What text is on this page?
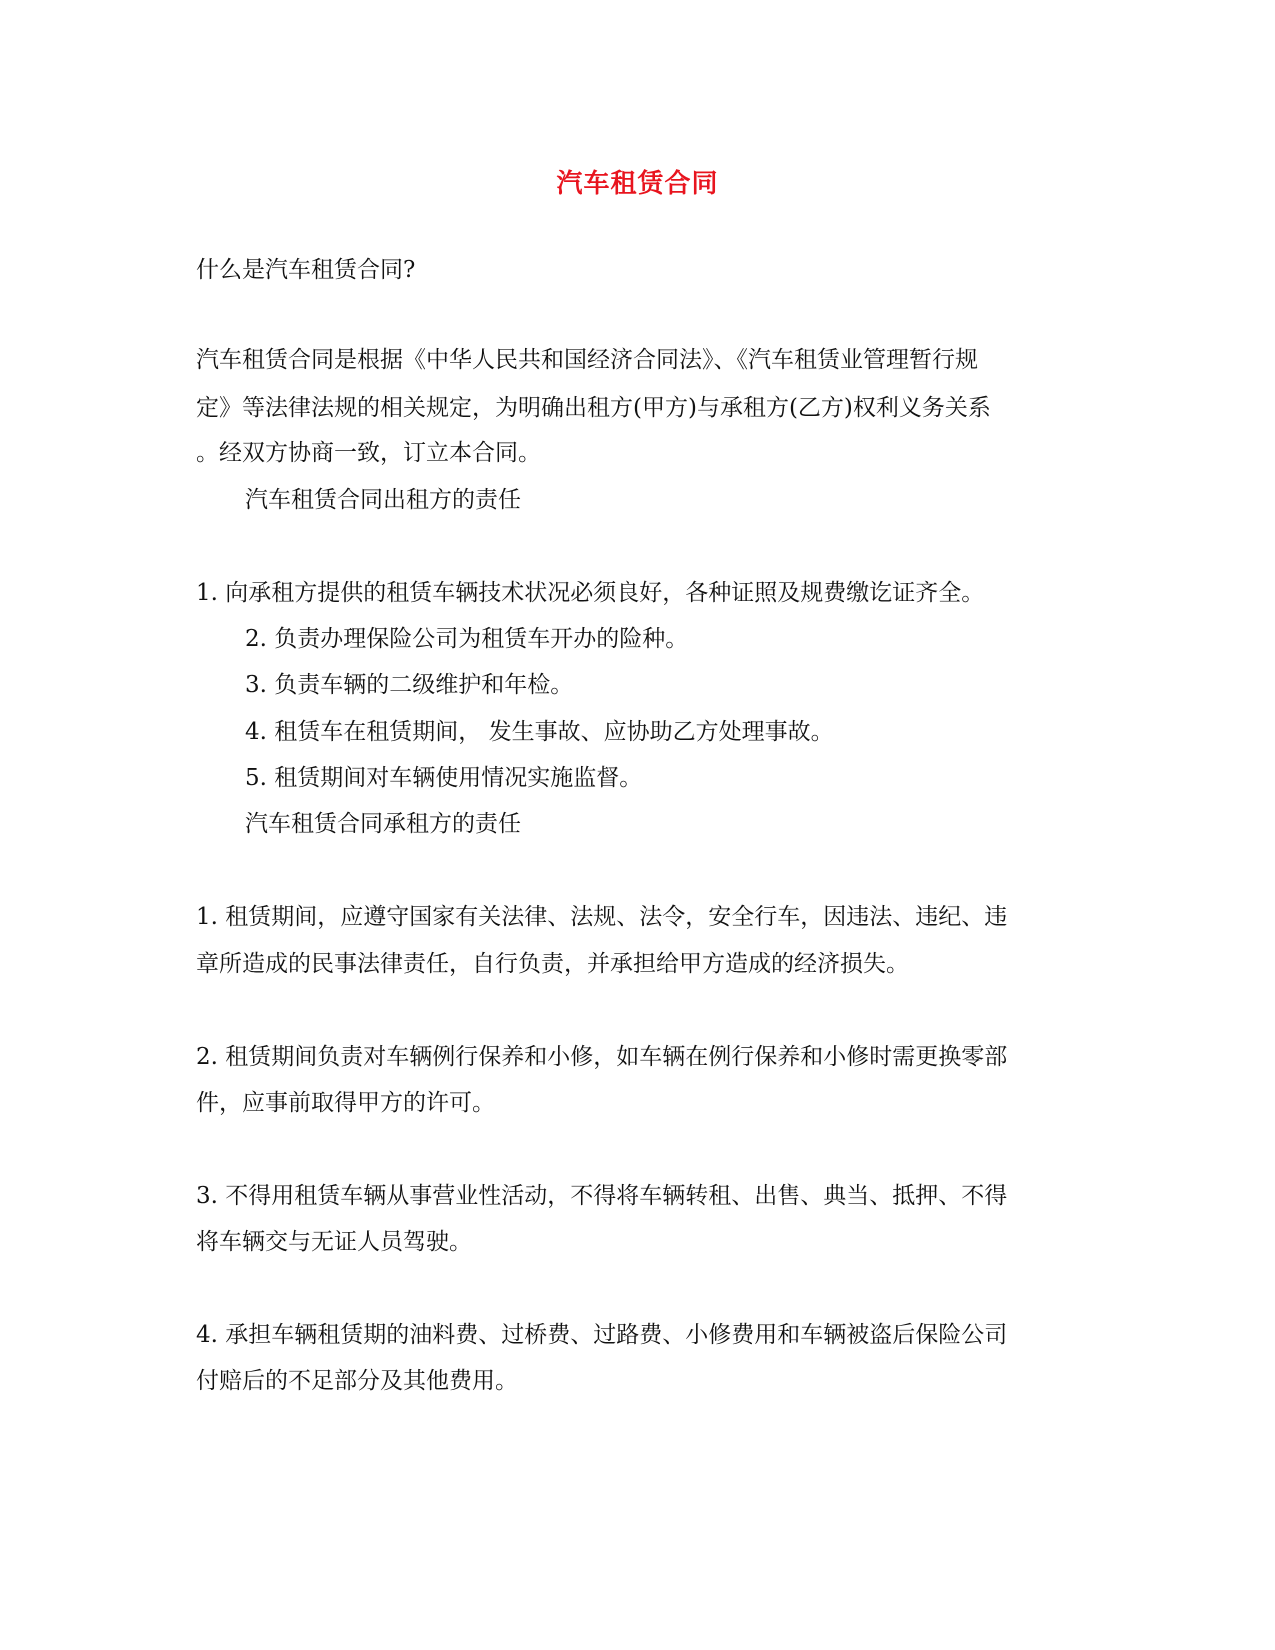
汽车租赁合同
什么是汽车租赁合同?
汽车租赁合同是根据《中华人民共和国经济合同法》、《汽车租赁业管理暂行规
定》等法律法规的相关规定，为明确出租方(甲方)与承租方(乙方)权利义务关系
。经双方协商一致，订立本合同。
汽车租赁合同出租方的责任
1. 向承租方提供的租赁车辆技术状况必须良好，各种证照及规费缴讫证齐全。
2. 负责办理保险公司为租赁车开办的险种。
3. 负责车辆的二级维护和年检。
4. 租赁车在租赁期间， 发生事故、应协助乙方处理事故。
5. 租赁期间对车辆使用情况实施监督。
汽车租赁合同承租方的责任
1. 租赁期间，应遵守国家有关法律、法规、法令，安全行车，因违法、违纪、违
章所造成的民事法律责任，自行负责，并承担给甲方造成的经济损失。
2. 租赁期间负责对车辆例行保养和小修，如车辆在例行保养和小修时需更换零部
件，应事前取得甲方的许可。
3. 不得用租赁车辆从事营业性活动，不得将车辆转租、出售、典当、抵押、不得
将车辆交与无证人员驾驶。
4. 承担车辆租赁期的油料费、过桥费、过路费、小修费用和车辆被盗后保险公司
付赔后的不足部分及其他费用。
